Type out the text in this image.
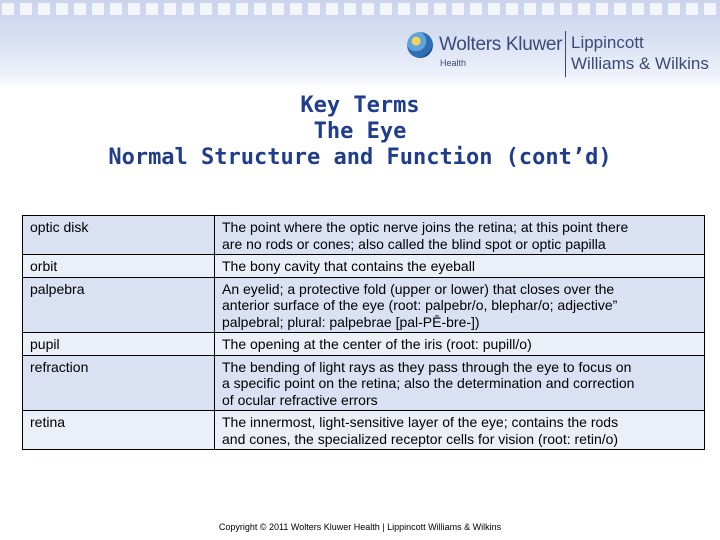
Wolters Kluwer
Health
Lippincott
Williams & Wilkins
Key Terms
The Eye
Normal Structure and Function (cont’d)
optic disk	The point where the optic nerve joins the retina; at this point there
are no rods or cones; also called the blind spot or optic papilla

orbit	The bony cavity that contains the eyeball

palpebra	An eyelid; a protective fold (upper or lower) that closes over the
anterior surface of the eye (root: palpebr/o, blephar/o; adjective”
palpebral; plural: palpebrae [pal-PĒ-bre-])

pupil	The opening at the center of the iris (root: pupill/o)

refraction	The bending of light rays as they pass through the eye to focus on
a specific point on the retina; also the determination and correction
of ocular refractive errors

retina	The innermost, light-sensitive layer of the eye; contains the rods
and cones, the specialized receptor cells for vision (root: retin/o)
Copyright © 2011 Wolters Kluwer Health | Lippincott Williams & Wilkins
